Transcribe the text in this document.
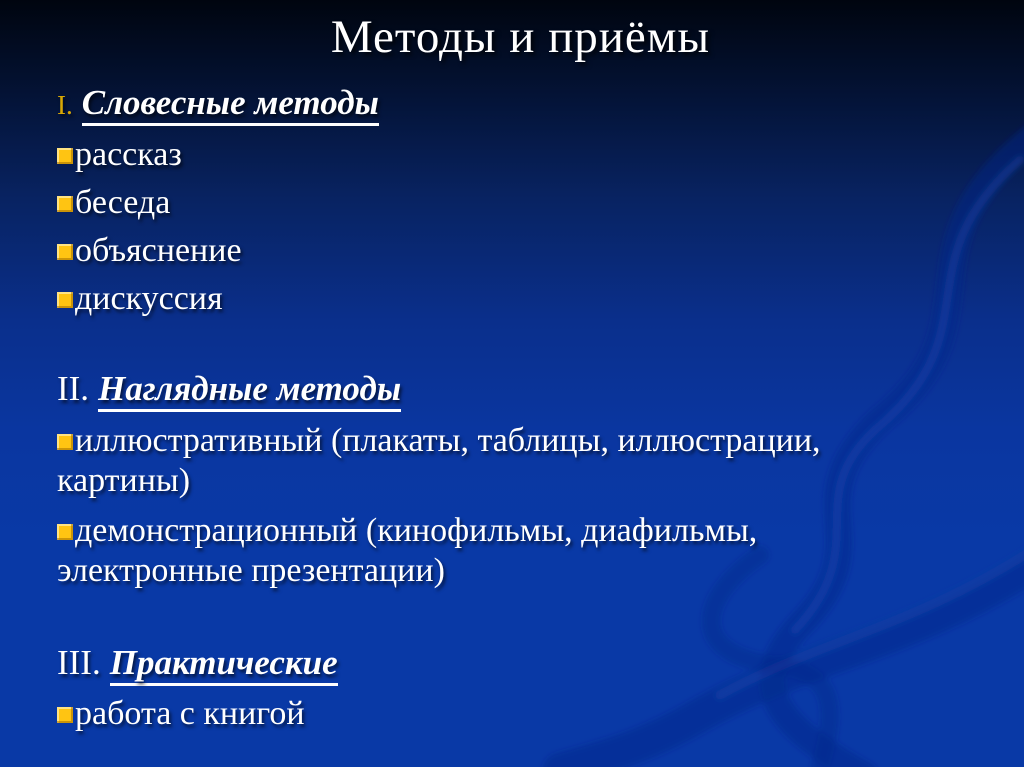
Методы и приёмы
I. Словесные методы
рассказ
беседа
объяснение
дискуссия
II. Наглядные методы
иллюстративный (плакаты, таблицы, иллюстрации,
картины)
демонстрационный (кинофильмы, диафильмы,
электронные презентации)
III. Практические
работа с книгой
